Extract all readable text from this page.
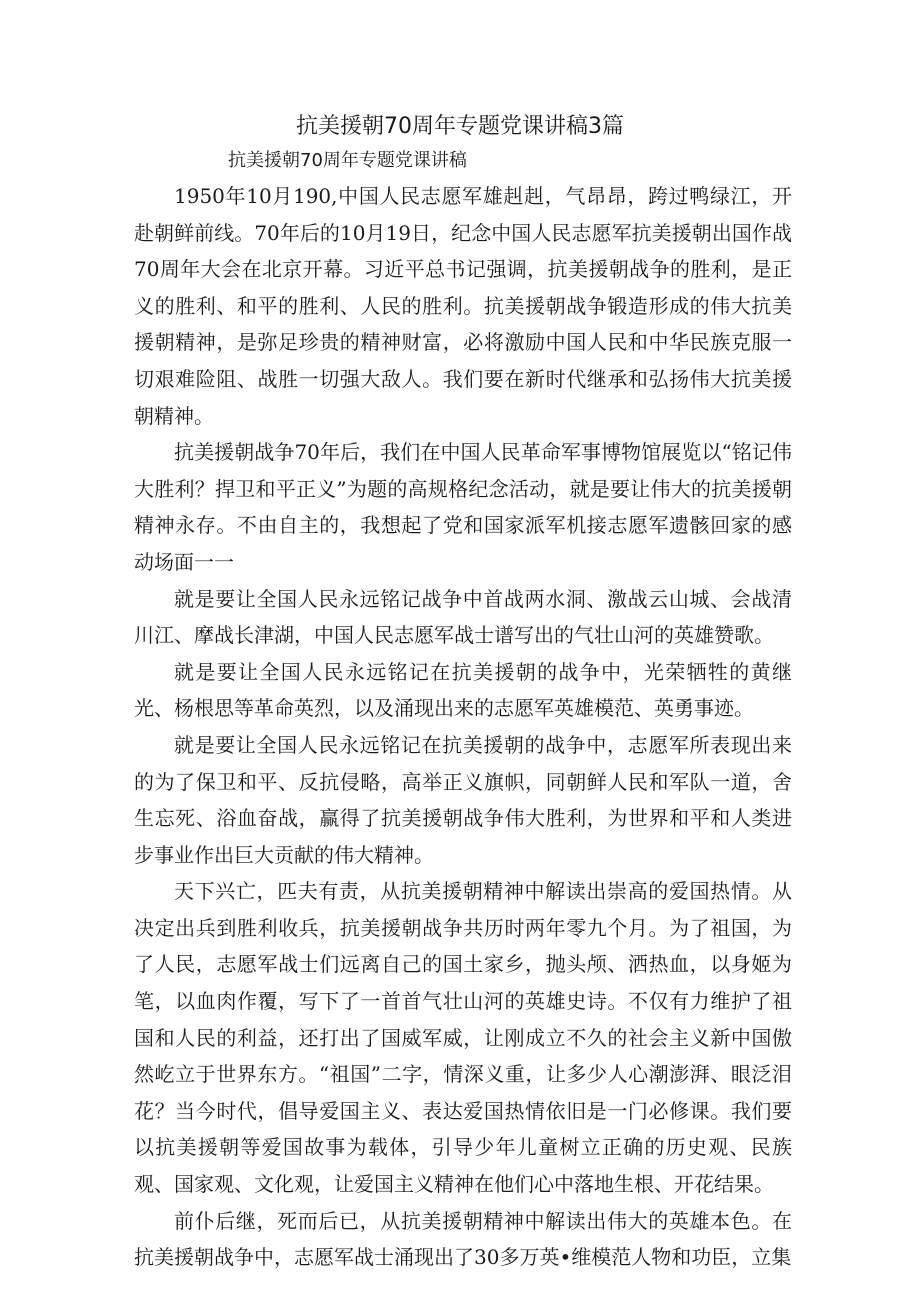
抗美援朝70周年专题党课讲稿3篇
抗美援朝70周年专题党课讲稿

1950年10月190,中国人民志愿军雄赳赳，气昂昂，跨过鸭绿江，开赴朝鲜前线。70年后的10月19日，纪念中国人民志愿军抗美援朝出国作战70周年大会在北京开幕。习近平总书记强调，抗美援朝战争的胜利，是正义的胜利、和平的胜利、人民的胜利。抗美援朝战争锻造形成的伟大抗美援朝精神，是弥足珍贵的精神财富，必将激励中国人民和中华民族克服一切艰难险阻、战胜一切强大敌人。我们要在新时代继承和弘扬伟大抗美援朝精神。

抗美援朝战争70年后，我们在中国人民革命军事博物馆展览以“铭记伟大胜利？捍卫和平正义”为题的高规格纪念活动，就是要让伟大的抗美援朝精神永存。不由自主的，我想起了党和国家派军机接志愿军遗骸回家的感动场面一一

就是要让全国人民永远铭记战争中首战两水洞、激战云山城、会战清川江、摩战长津湖，中国人民志愿军战士谱写出的气壮山河的英雄赞歌。

就是要让全国人民永远铭记在抗美援朝的战争中，光荣牺牲的黄继光、杨根思等革命英烈，以及涌现出来的志愿军英雄模范、英勇事迹。

就是要让全国人民永远铭记在抗美援朝的战争中，志愿军所表现出来的为了保卫和平、反抗侵略，高举正义旗帜，同朝鲜人民和军队一道，舍生忘死、浴血奋战，赢得了抗美援朝战争伟大胜利，为世界和平和人类进步事业作出巨大贡献的伟大精神。

天下兴亡，匹夫有责，从抗美援朝精神中解读出崇高的爱国热情。从决定出兵到胜利收兵，抗美援朝战争共历时两年零九个月。为了祖国，为了人民，志愿军战士们远离自己的国土家乡，抛头颅、洒热血，以身姬为笔，以血肉作覆，写下了一首首气壮山河的英雄史诗。不仅有力维护了祖国和人民的利益，还打出了国威军威，让刚成立不久的社会主义新中国傲然屹立于世界东方。“祖国”二字，情深义重，让多少人心潮澎湃、眼泛泪花？当今时代，倡导爱国主义、表达爱国热情依旧是一门必修课。我们要以抗美援朝等爱国故事为载体，引导少年儿童树立正确的历史观、民族观、国家观、文化观，让爱国主义精神在他们心中落地生根、开花结果。

前仆后继，死而后已，从抗美援朝精神中解读出伟大的英雄本色。在抗美援朝战争中，志愿军战士涌现出了30多万英•维模范人物和功臣，立集
